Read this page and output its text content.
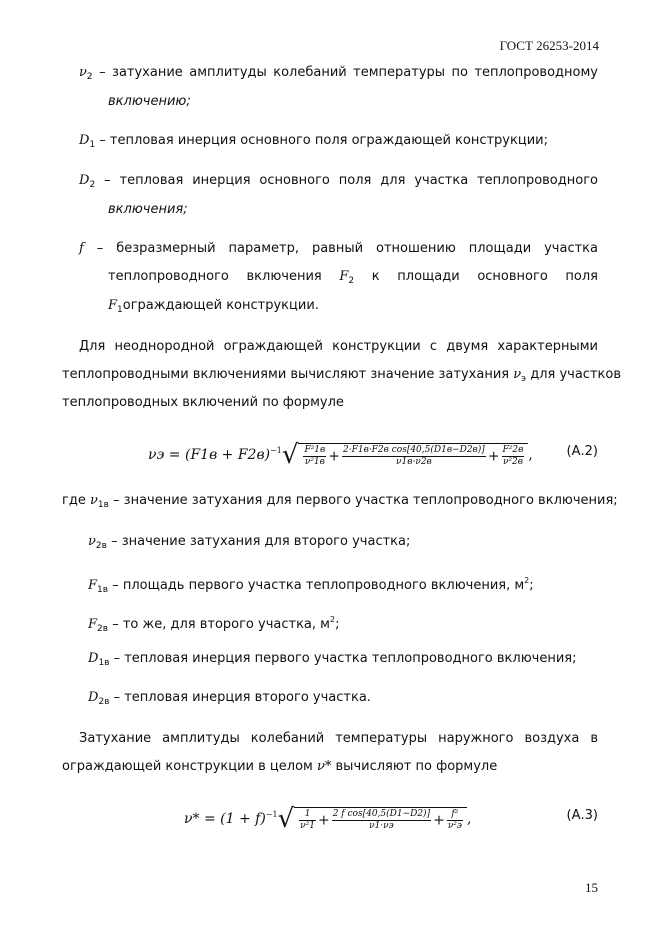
ГОСТ 26253-2014
$\nu_2$ – затухание амплитуды колебаний температуры по теплопроводному
включению;
$D_1$ – тепловая инерция основного поля ограждающей конструкции;
$D_2$ – тепловая инерция основного поля для участка теплопроводного
включения;
f – безразмерный параметр, равный отношению площади участка
теплопроводного включения $F_2$ к площади основного поля
$F_1ограждающей$ конструкции.
Для неоднородной ограждающей конструкции с двумя характерными
теплопроводными включениями вычисляют значение затухания $\nu_э$ для участков
теплопроводных включений по формуле
$\nu э = (F1в + F2в)^{-1}√ \frac{\text{F²1в}}{\text{ν²1в}} + \frac{\text{2·F1в·F2в cos[40,5(D1в−D2в)]}}{\nu 1в\cdot\nu 2в} + \frac{\text{F²2в}}{\text{ν²2в}}$ ,	(А.2)
где $\nu_{1в}$ – значение затухания для первого участка теплопроводного включения;
$\nu_{2в}$ – значение затухания для второго участка;
$F_{1в}$ – площадь первого участка теплопроводного включения, $м^2$;
$F_{2в}$ – то же, для второго участка, $м^2$;
$D_{1в}$ – тепловая инерция первого участка теплопроводного включения;
$D_{2в}$ – тепловая инерция второго участка.
Затухание амплитуды колебаний температуры наружного воздуха в
ограждающей конструкции в целом ν* вычисляют по формуле
$\nu* = (1 + f)^{-1}√ \frac{1}{\text{ν²1}} + \frac{\text{2 f cos[40,5(D1−D2)]}}{\nu 1\cdot\nu э} + \frac{\text{f²}}{\text{ν²э}}$ ,	(А.3)
15
